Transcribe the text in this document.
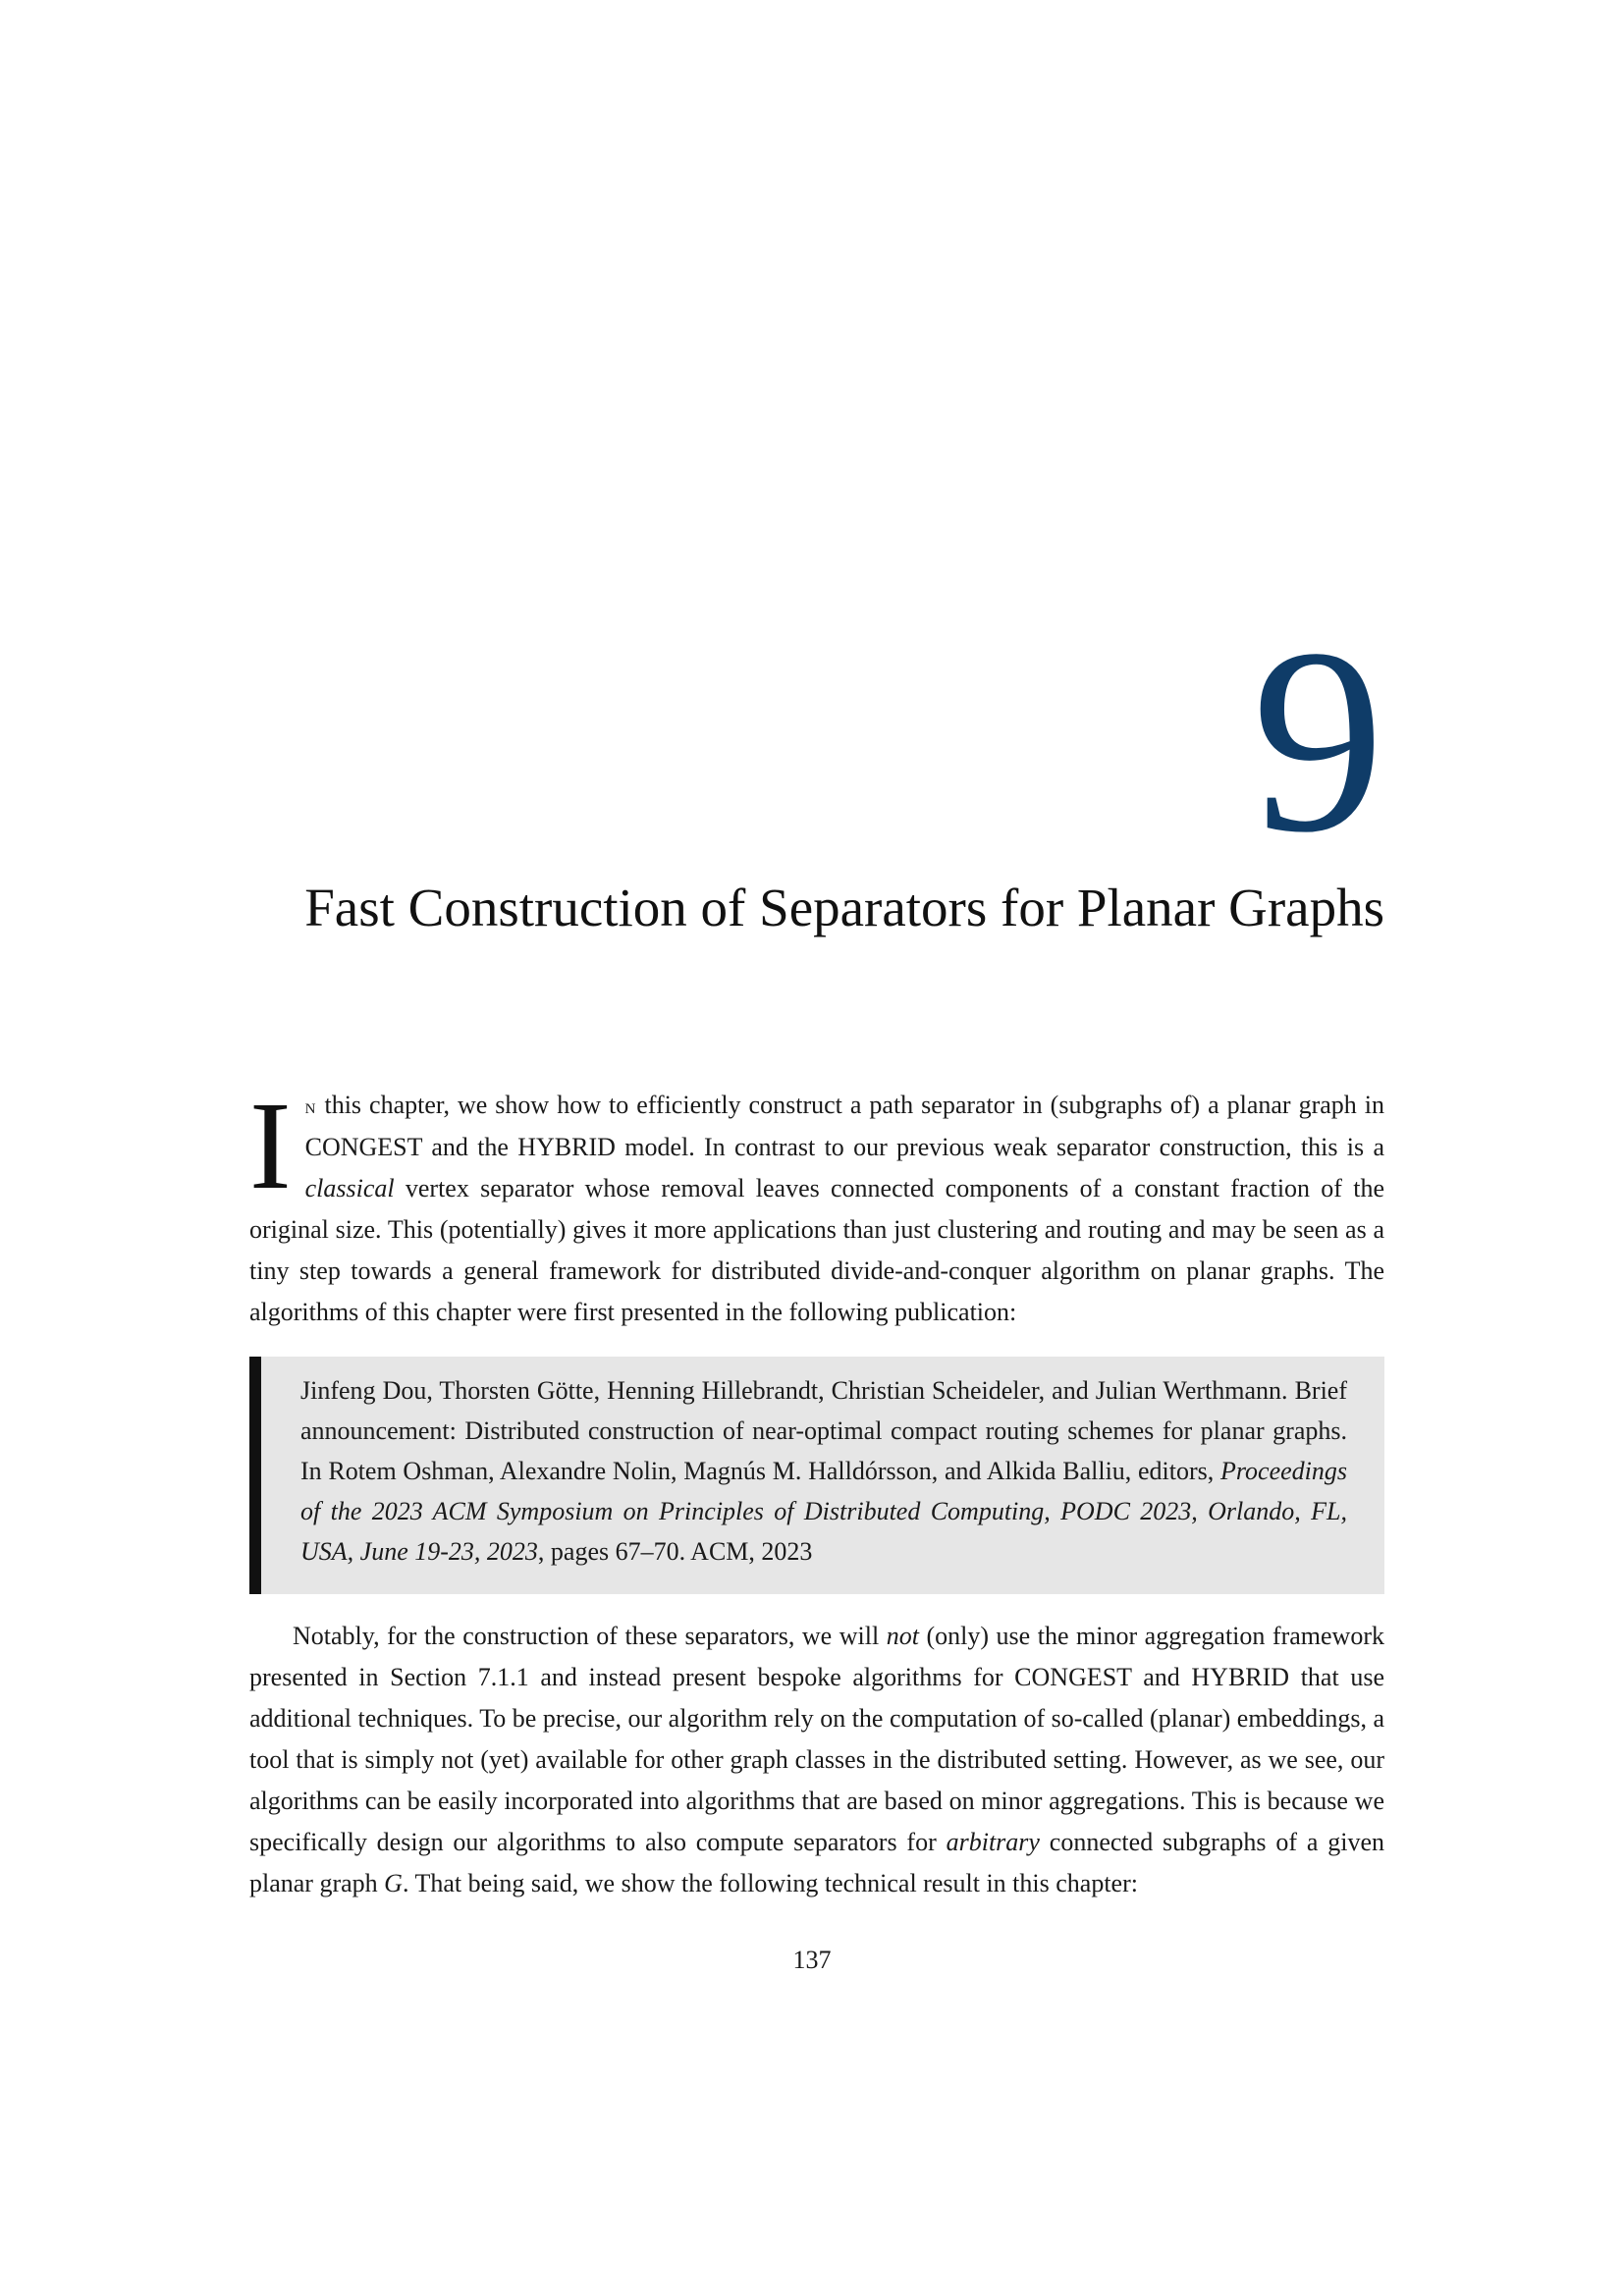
9
Fast Construction of Separators for Planar Graphs
In this chapter, we show how to efficiently construct a path separator in (subgraphs of) a planar graph in CONGEST and the HYBRID model. In contrast to our previous weak separator construction, this is a classical vertex separator whose removal leaves connected components of a constant fraction of the original size. This (potentially) gives it more applications than just clustering and routing and may be seen as a tiny step towards a general framework for distributed divide-and-conquer algorithm on planar graphs. The algorithms of this chapter were first presented in the following publication:
Jinfeng Dou, Thorsten Götte, Henning Hillebrandt, Christian Scheideler, and Julian Werthmann. Brief announcement: Distributed construction of near-optimal compact routing schemes for planar graphs. In Rotem Oshman, Alexandre Nolin, Magnús M. Halldórsson, and Alkida Balliu, editors, Proceedings of the 2023 ACM Symposium on Principles of Distributed Computing, PODC 2023, Orlando, FL, USA, June 19-23, 2023, pages 67–70. ACM, 2023
Notably, for the construction of these separators, we will not (only) use the minor aggregation framework presented in Section 7.1.1 and instead present bespoke algorithms for CONGEST and HYBRID that use additional techniques. To be precise, our algorithm rely on the computation of so-called (planar) embeddings, a tool that is simply not (yet) available for other graph classes in the distributed setting. However, as we see, our algorithms can be easily incorporated into algorithms that are based on minor aggregations. This is because we specifically design our algorithms to also compute separators for arbitrary connected subgraphs of a given planar graph G. That being said, we show the following technical result in this chapter:
137
